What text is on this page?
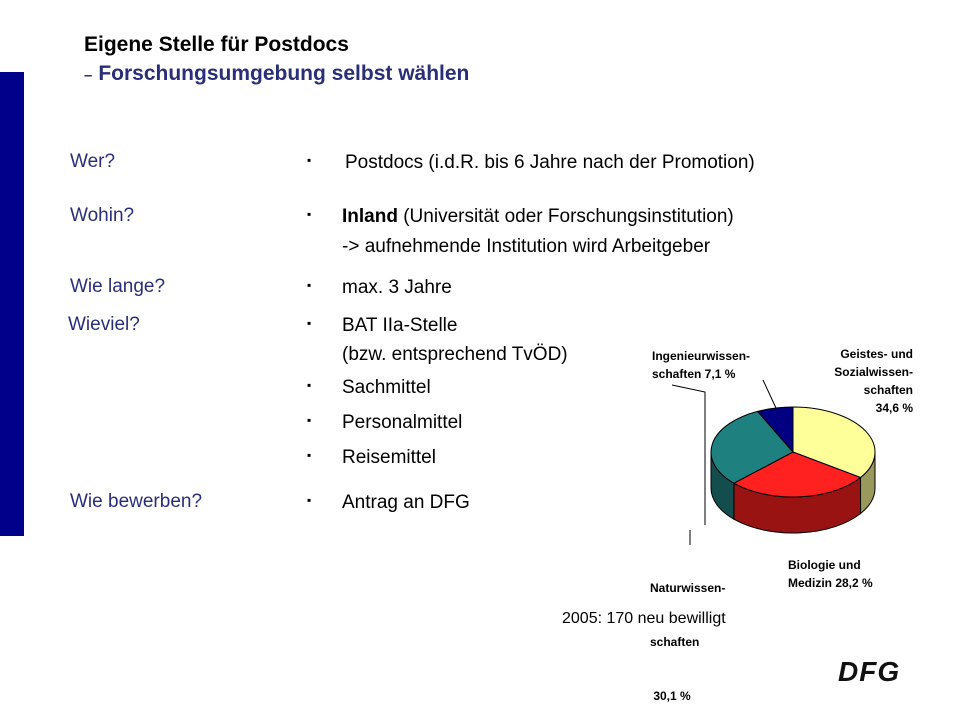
Eigene Stelle für Postdocs
– Forschungsumgebung selbst wählen
Wer?	▪ Postdocs (i.d.R. bis 6 Jahre nach der Promotion)
Wohin?	▪ Inland (Universität oder Forschungsinstitution)
-> aufnehmende Institution wird Arbeitgeber
Wie lange?	▪ max. 3 Jahre
Wieviel?	▪ BAT IIa-Stelle
(bzw. entsprechend TvÖD)
▪ Sachmittel
▪ Personalmittel
▪ Reisemittel
Wie bewerben?	▪ Antrag an DFG
Geistes- und
Sozialwissen-
schaften
34,6 %
Biologie und
Medizin 28,2 %

Naturwissen-

schaften

30,1 %

Ingenieurwissen-
schaften 7,1 %
2005: 170 neu bewilligt
DFG
